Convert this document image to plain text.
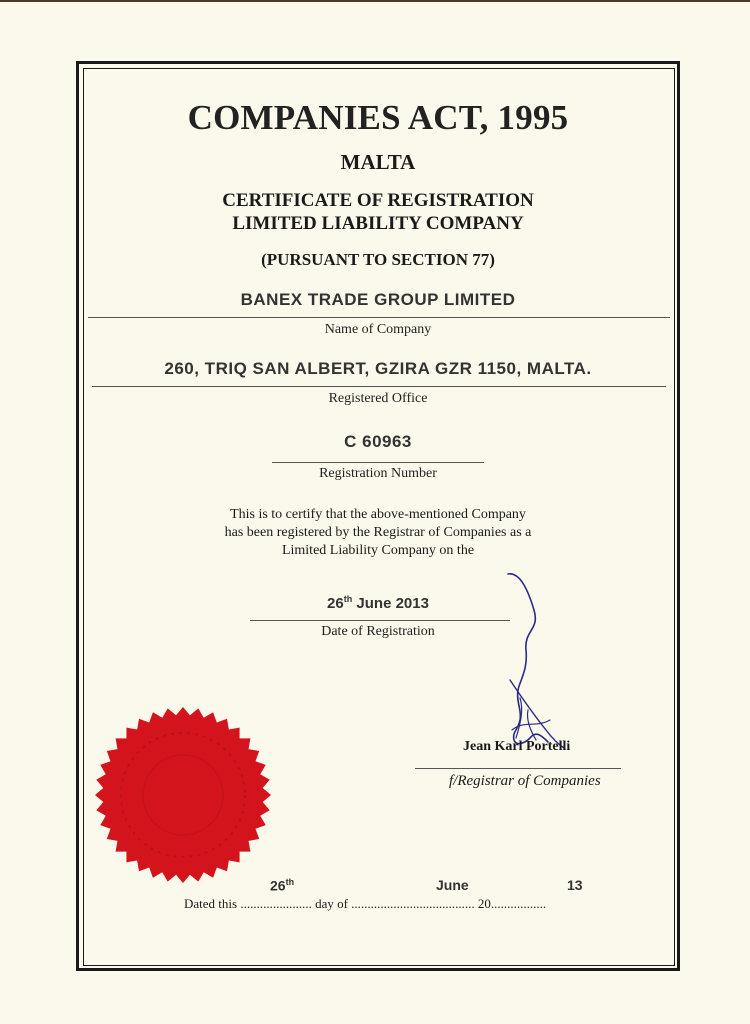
COMPANIES ACT, 1995
MALTA
CERTIFICATE OF REGISTRATION
LIMITED LIABILITY COMPANY
(PURSUANT TO SECTION 77)
BANEX TRADE GROUP LIMITED
Name of Company
260, TRIQ SAN ALBERT, GZIRA GZR 1150, MALTA.
Registered Office
C 60963
Registration Number
This is to certify that the above-mentioned Company
has been registered by the Registrar of Companies as a
Limited Liability Company on the
26th June 2013
Date of Registration
Jean Karl Portelli
f/Registrar of Companies
26th	June	13
Dated this ...................... day of ...................................... 20.................
